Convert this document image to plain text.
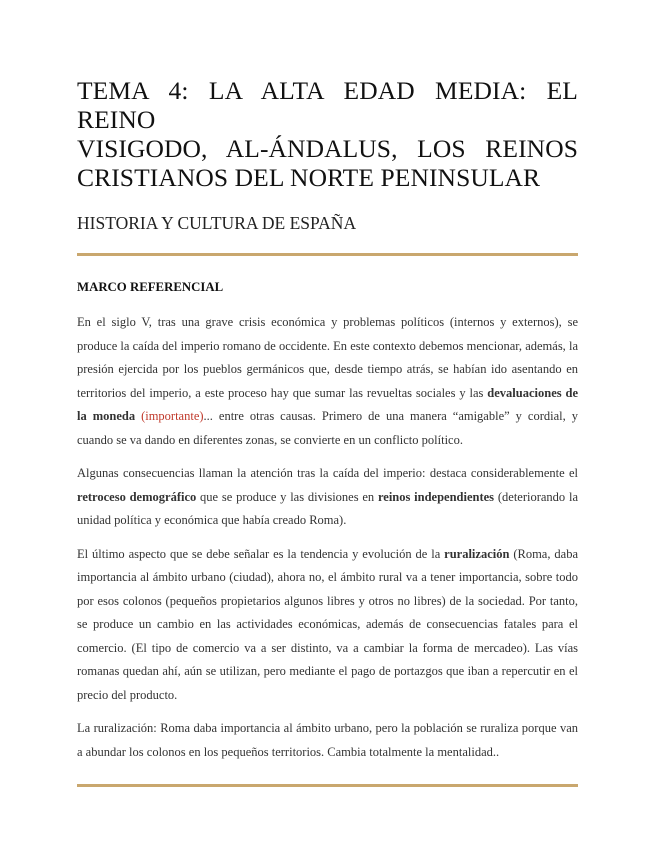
TEMA 4: LA ALTA EDAD MEDIA: EL REINO
VISIGODO, AL-ÁNDALUS, LOS REINOS
CRISTIANOS DEL NORTE PENINSULAR

HISTORIA Y CULTURA DE ESPAÑA

MARCO REFERENCIAL

En el siglo V, tras una grave crisis económica y problemas políticos (internos y externos), se produce la caída del imperio romano de occidente. En este contexto debemos mencionar, además, la presión ejercida por los pueblos germánicos que, desde tiempo atrás, se habían ido asentando en territorios del imperio, a este proceso hay que sumar las revueltas sociales y las devaluaciones de la moneda (importante)... entre otras causas. Primero de una manera “amigable” y cordial, y cuando se va dando en diferentes zonas, se convierte en un conflicto político.

Algunas consecuencias llaman la atención tras la caída del imperio: destaca considerablemente el retroceso demográfico que se produce y las divisiones en reinos independientes (deteriorando la unidad política y económica que había creado Roma).

El último aspecto que se debe señalar es la tendencia y evolución de la ruralización (Roma, daba importancia al ámbito urbano (ciudad), ahora no, el ámbito rural va a tener importancia, sobre todo por esos colonos (pequeños propietarios algunos libres y otros no libres) de la sociedad. Por tanto, se produce un cambio en las actividades económicas, además de consecuencias fatales para el comercio. (El tipo de comercio va a ser distinto, va a cambiar la forma de mercadeo). Las vías romanas quedan ahí, aún se utilizan, pero mediante el pago de portazgos que iban a repercutir en el precio del producto.

La ruralización: Roma daba importancia al ámbito urbano, pero la población se ruraliza porque van a abundar los colonos en los pequeños territorios. Cambia totalmente la mentalidad..
